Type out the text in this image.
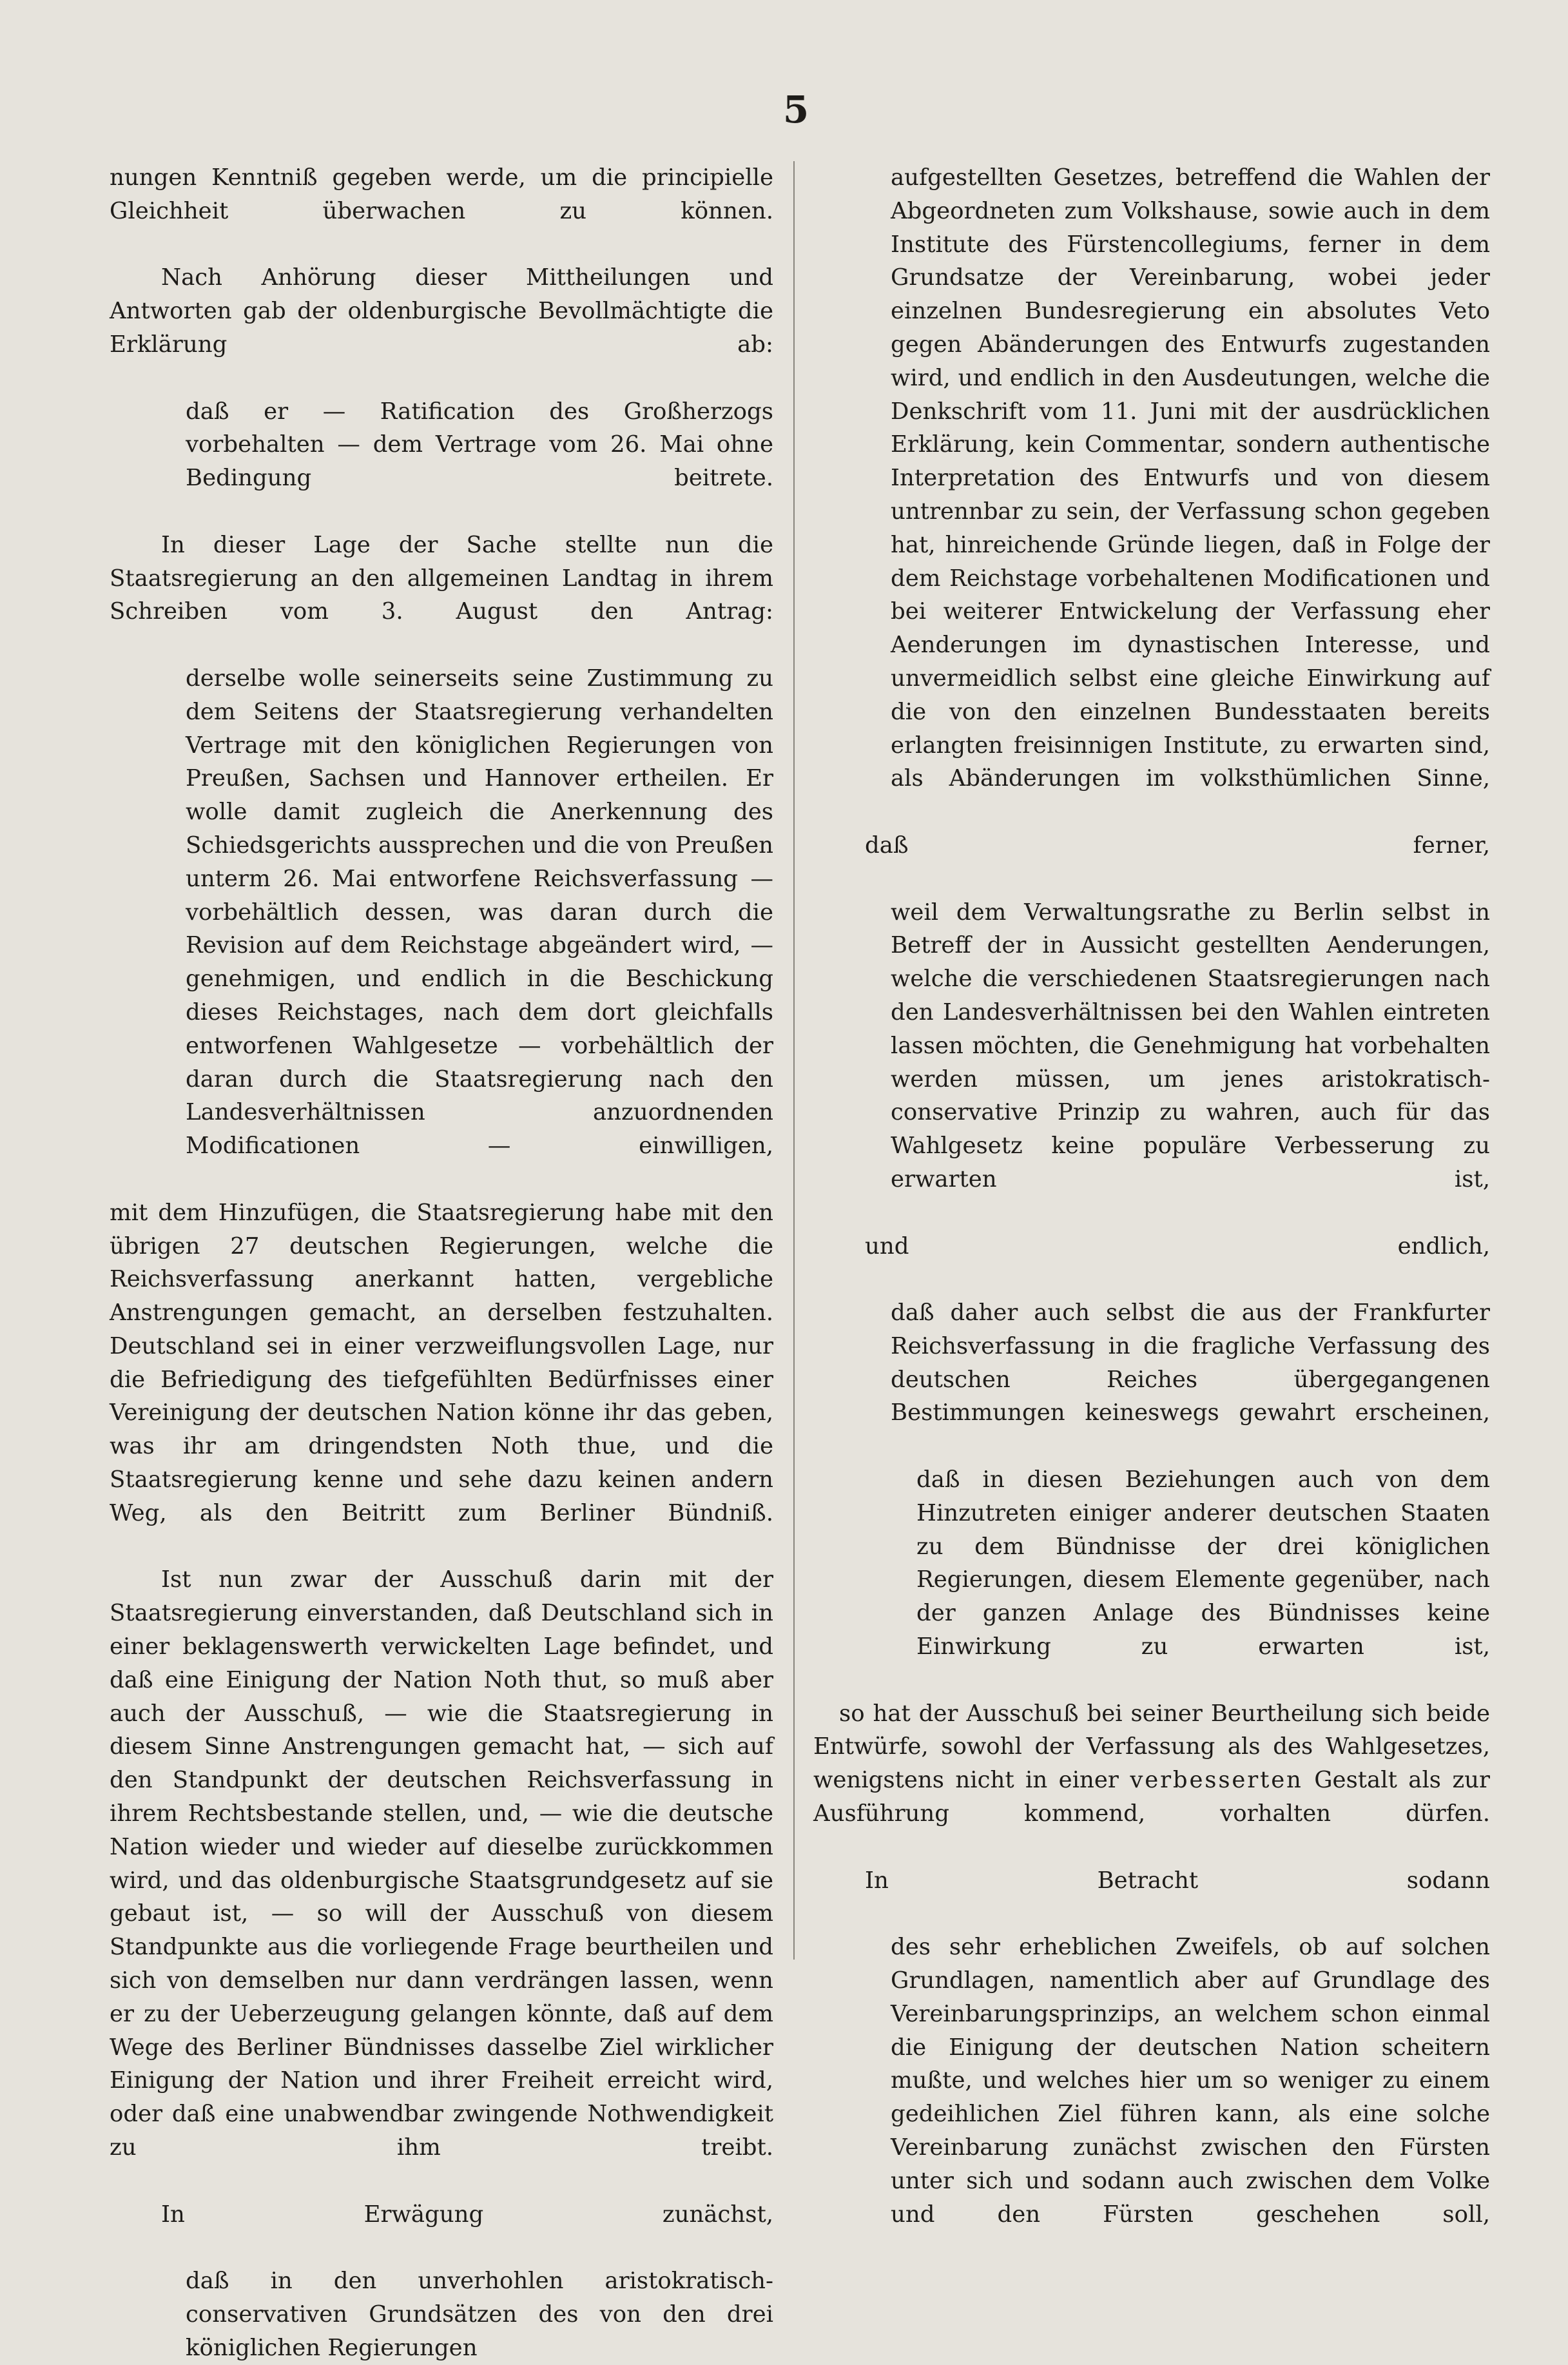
5

nungen Kenntniß gegeben werde, um die principielle Gleichheit überwachen zu können.

Nach Anhörung dieser Mittheilungen und Antworten gab der oldenburgische Bevollmächtigte die Erklärung ab:

daß er — Ratification des Großherzogs vorbehalten — dem Vertrage vom 26. Mai ohne Bedingung beitrete.

In dieser Lage der Sache stellte nun die Staatsregierung an den allgemeinen Landtag in ihrem Schreiben vom 3. August den Antrag:

derselbe wolle seinerseits seine Zustimmung zu dem Seitens der Staatsregierung verhandelten Vertrage mit den königlichen Regierungen von Preußen, Sachsen und Hannover ertheilen. Er wolle damit zugleich die Anerkennung des Schiedsgerichts aussprechen und die von Preußen unterm 26. Mai entworfene Reichsverfassung — vorbehältlich dessen, was daran durch die Revision auf dem Reichstage abgeändert wird, — genehmigen, und endlich in die Beschickung dieses Reichstages, nach dem dort gleichfalls entworfenen Wahlgesetze — vorbehältlich der daran durch die Staatsregierung nach den Landesverhältnissen anzuordnenden Modificationen — einwilligen,

mit dem Hinzufügen, die Staatsregierung habe mit den übrigen 27 deutschen Regierungen, welche die Reichsverfassung anerkannt hatten, vergebliche Anstrengungen gemacht, an derselben festzuhalten. Deutschland sei in einer verzweiflungsvollen Lage, nur die Befriedigung des tiefgefühlten Bedürfnisses einer Vereinigung der deutschen Nation könne ihr das geben, was ihr am dringendsten Noth thue, und die Staatsregierung kenne und sehe dazu keinen andern Weg, als den Beitritt zum Berliner Bündniß.

Ist nun zwar der Ausschuß darin mit der Staatsregierung einverstanden, daß Deutschland sich in einer beklagenswerth verwickelten Lage befindet, und daß eine Einigung der Nation Noth thut, so muß aber auch der Ausschuß, — wie die Staatsregierung in diesem Sinne Anstrengungen gemacht hat, — sich auf den Standpunkt der deutschen Reichsverfassung in ihrem Rechtsbestande stellen, und, — wie die deutsche Nation wieder und wieder auf dieselbe zurückkommen wird, und das oldenburgische Staatsgrundgesetz auf sie gebaut ist, — so will der Ausschuß von diesem Standpunkte aus die vorliegende Frage beurtheilen und sich von demselben nur dann verdrängen lassen, wenn er zu der Ueberzeugung gelangen könnte, daß auf dem Wege des Berliner Bündnisses dasselbe Ziel wirklicher Einigung der Nation und ihrer Freiheit erreicht wird, oder daß eine unabwendbar zwingende Nothwendigkeit zu ihm treibt.

In Erwägung zunächst,

daß in den unverhohlen aristokratisch-conservativen Grundsätzen des von den drei königlichen Regierungen

aufgestellten Gesetzes, betreffend die Wahlen der Abgeordneten zum Volkshause, sowie auch in dem Institute des Fürstencollegiums, ferner in dem Grundsatze der Vereinbarung, wobei jeder einzelnen Bundesregierung ein absolutes Veto gegen Abänderungen des Entwurfs zugestanden wird, und endlich in den Ausdeutungen, welche die Denkschrift vom 11. Juni mit der ausdrücklichen Erklärung, kein Commentar, sondern authentische Interpretation des Entwurfs und von diesem untrennbar zu sein, der Verfassung schon gegeben hat, hinreichende Gründe liegen, daß in Folge der dem Reichstage vorbehaltenen Modificationen und bei weiterer Entwickelung der Verfassung eher Aenderungen im dynastischen Interesse, und unvermeidlich selbst eine gleiche Einwirkung auf die von den einzelnen Bundesstaaten bereits erlangten freisinnigen Institute, zu erwarten sind, als Abänderungen im volksthümlichen Sinne,

daß ferner,

weil dem Verwaltungsrathe zu Berlin selbst in Betreff der in Aussicht gestellten Aenderungen, welche die verschiedenen Staatsregierungen nach den Landesverhältnissen bei den Wahlen eintreten lassen möchten, die Genehmigung hat vorbehalten werden müssen, um jenes aristokratisch-conservative Prinzip zu wahren, auch für das Wahlgesetz keine populäre Verbesserung zu erwarten ist,

und endlich,

daß daher auch selbst die aus der Frankfurter Reichsverfassung in die fragliche Verfassung des deutschen Reiches übergegangenen Bestimmungen keineswegs gewahrt erscheinen,

daß in diesen Beziehungen auch von dem Hinzutreten einiger anderer deutschen Staaten zu dem Bündnisse der drei königlichen Regierungen, diesem Elemente gegenüber, nach der ganzen Anlage des Bündnisses keine Einwirkung zu erwarten ist,

so hat der Ausschuß bei seiner Beurtheilung sich beide Entwürfe, sowohl der Verfassung als des Wahlgesetzes, wenigstens nicht in einer verbesserten Gestalt als zur Ausführung kommend, vorhalten dürfen.

In Betracht sodann

des sehr erheblichen Zweifels, ob auf solchen Grundlagen, namentlich aber auf Grundlage des Vereinbarungsprinzips, an welchem schon einmal die Einigung der deutschen Nation scheitern mußte, und welches hier um so weniger zu einem gedeihlichen Ziel führen kann, als eine solche Vereinbarung zunächst zwischen den Fürsten unter sich und sodann auch zwischen dem Volke und den Fürsten geschehen soll,
